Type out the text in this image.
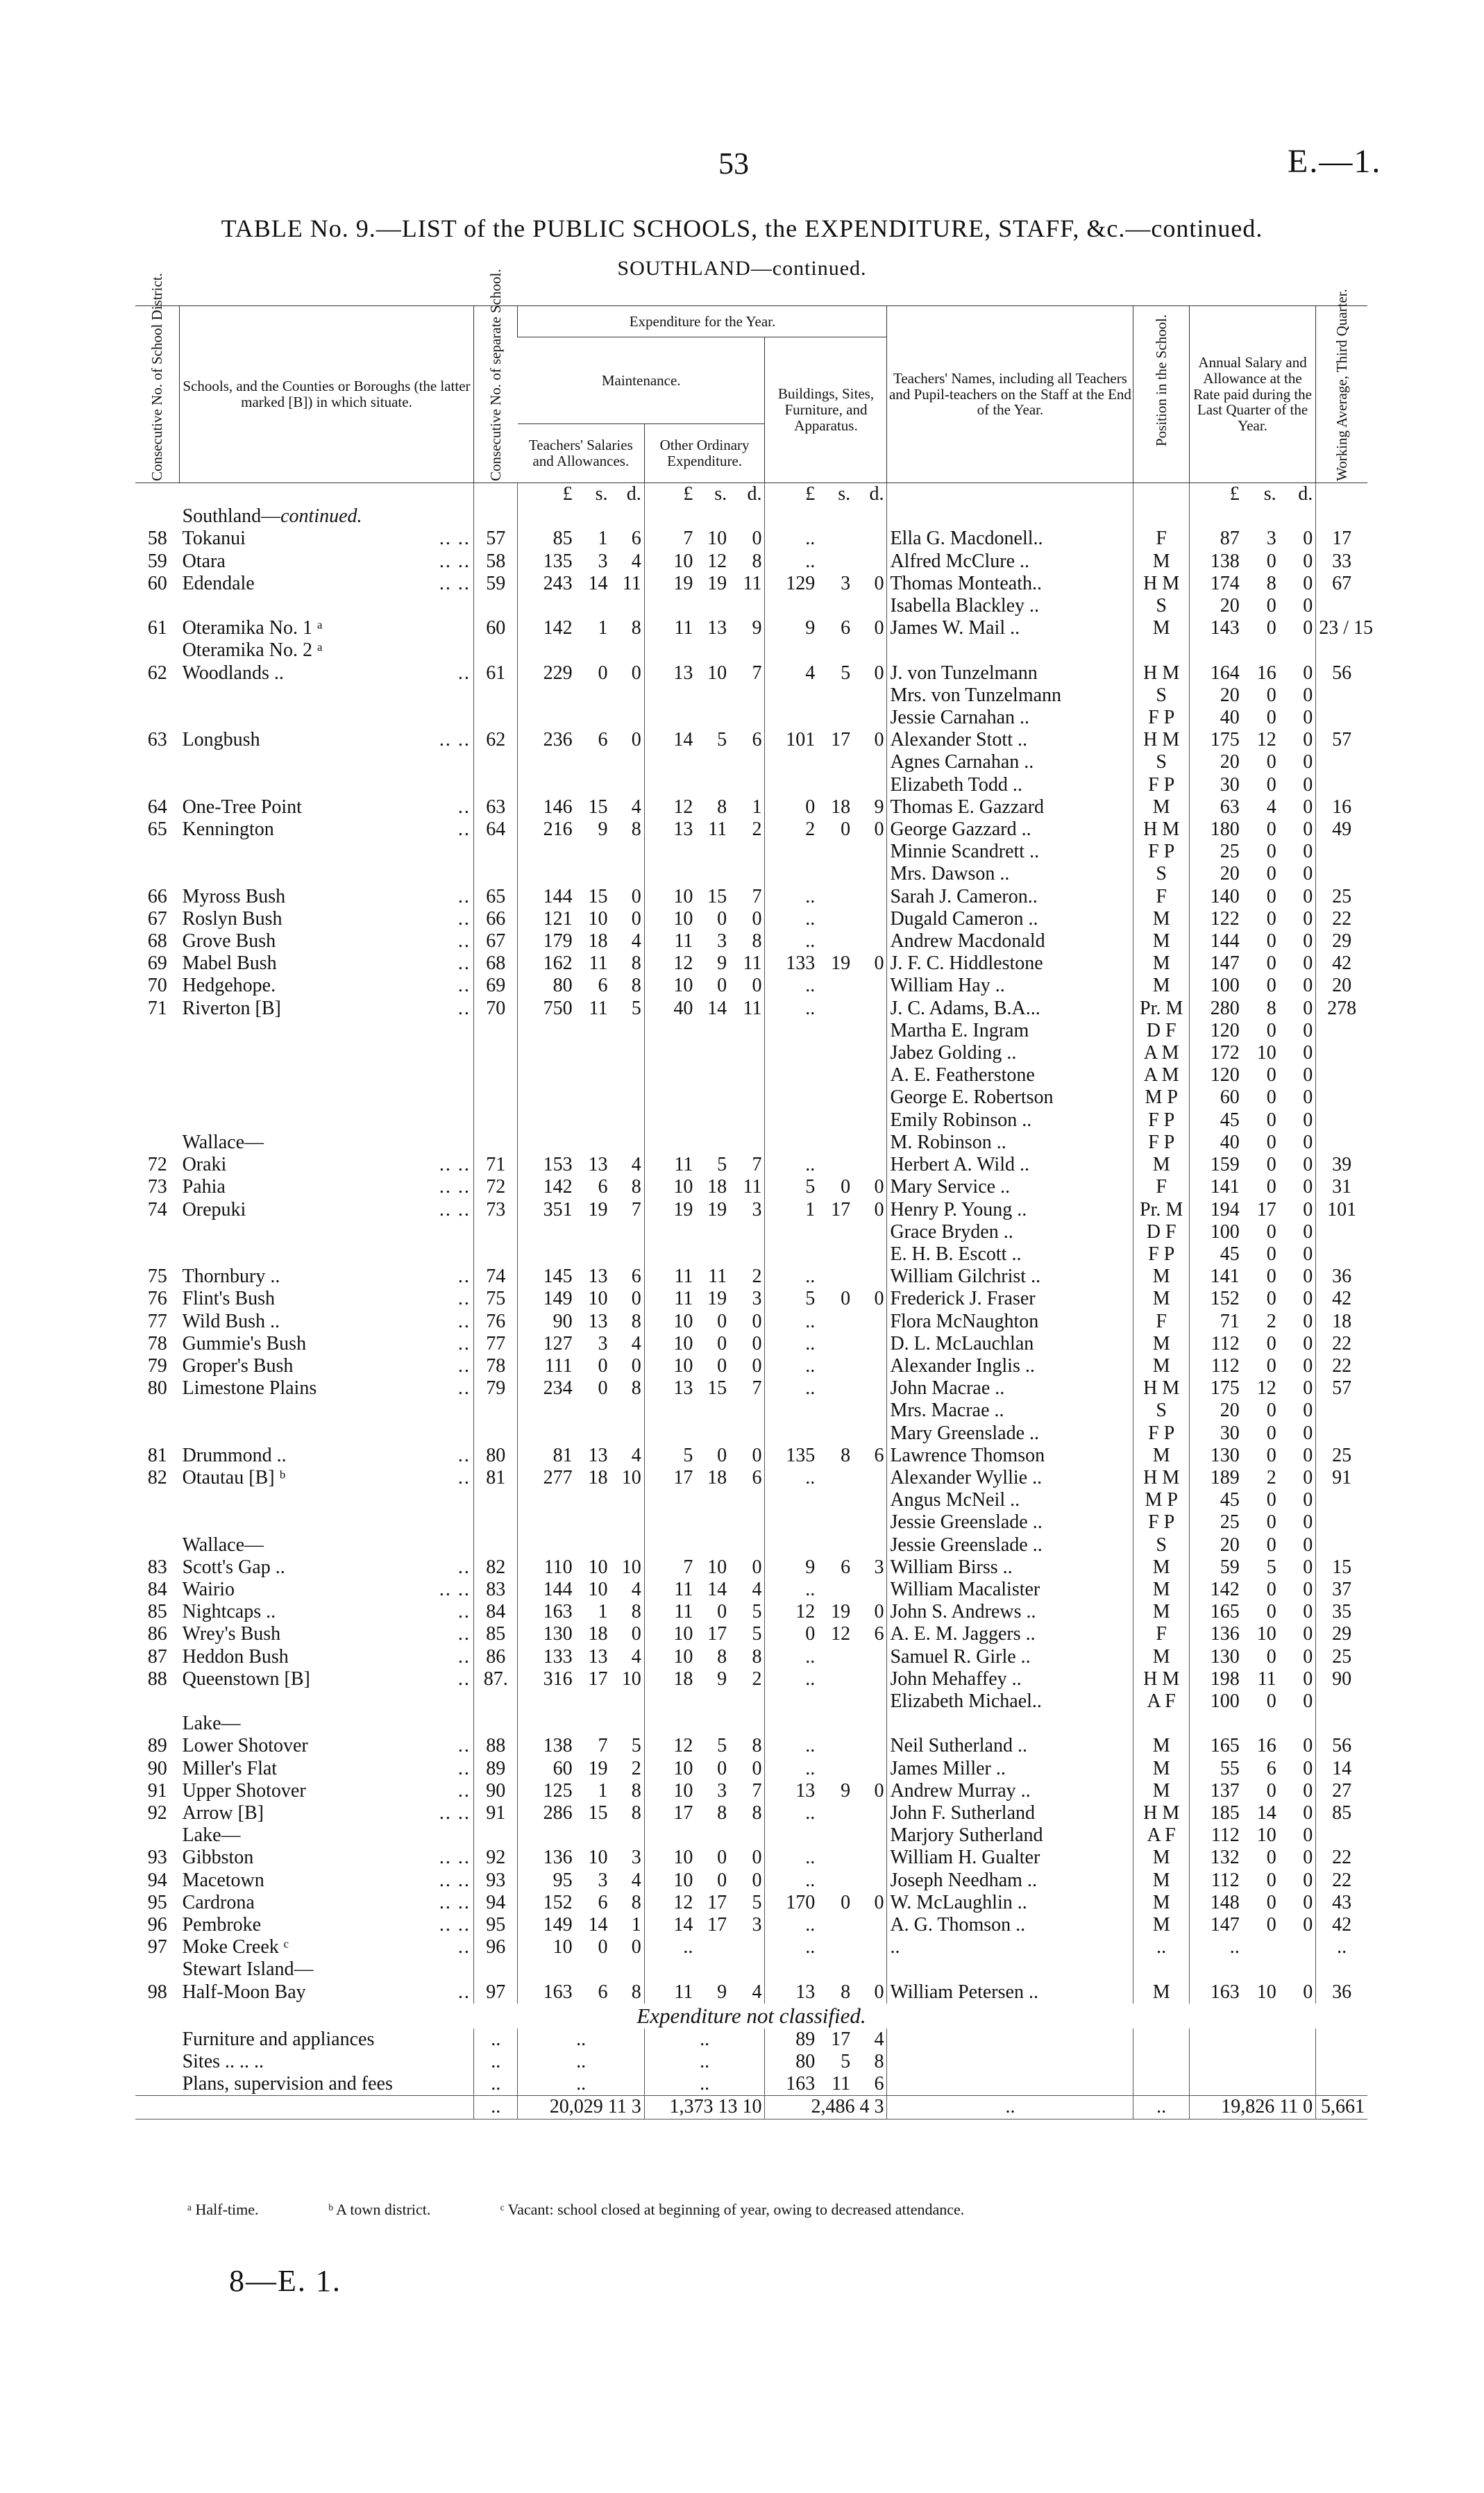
53	E.—1.
TABLE No. 9.—LIST of the PUBLIC SCHOOLS, the EXPENDITURE, STAFF, &c.—continued.
SOUTHLAND—continued.
Consecutive No. of School District.	Schools, and the Counties or Boroughs (the latter marked [B]) in which situate.	Consecutive No. of separate School.	Expenditure for the Year.									Teachers' Names, including all Teachers and Pupil-teachers on the Staff at the End of the Year.	Position in the School.	Annual Salary and Allowance at the Rate paid during the Last Quarter of the Year.			Working Average, Third Quarter.

			Maintenance.						Buildings, Sites, Furniture, and Apparatus.								
			Teachers' Salaries and Allowances.			Other Ordinary Expenditure.											
			£	s.	d.	£	s.	d.	£	s.	d.			£	s.	d.	
	Southland—continued.																
58	Tokanui .. ..	57	85	1	6	7	10	0	..			Ella G. Macdonell..	F	87	3	0	17
59	Otara .. ..	58	135	3	4	10	12	8	..			Alfred McClure ..	M	138	0	0	33
60	Edendale .. ..	59	243	14	11	19	19	11	129	3	0	Thomas Monteath..	H M	174	8	0	67
												Isabella Blackley ..	S	20	0	0	
61	Oteramika No. 1 ᵃ	60	142	1	8	11	13	9	9	6	0	James W. Mail ..	M	143	0	0	23 / 15
	Oteramika No. 2 ᵃ																
62	Woodlands .. ..	61	229	0	0	13	10	7	4	5	0	J. von Tunzelmann	H M	164	16	0	56
												Mrs. von Tunzelmann	S	20	0	0	
												Jessie Carnahan ..	F P	40	0	0	
63	Longbush .. ..	62	236	6	0	14	5	6	101	17	0	Alexander Stott ..	H M	175	12	0	57
												Agnes Carnahan ..	S	20	0	0	
												Elizabeth Todd ..	F P	30	0	0	
64	One-Tree Point ..	63	146	15	4	12	8	1	0	18	9	Thomas E. Gazzard	M	63	4	0	16
65	Kennington ..	64	216	9	8	13	11	2	2	0	0	George Gazzard ..	H M	180	0	0	49
												Minnie Scandrett ..	F P	25	0	0	
												Mrs. Dawson ..	S	20	0	0	
66	Myross Bush ..	65	144	15	0	10	15	7	..			Sarah J. Cameron..	F	140	0	0	25
67	Roslyn Bush ..	66	121	10	0	10	0	0	..			Dugald Cameron ..	M	122	0	0	22
68	Grove Bush ..	67	179	18	4	11	3	8	..			Andrew Macdonald	M	144	0	0	29
69	Mabel Bush ..	68	162	11	8	12	9	11	133	19	0	J. F. C. Hiddlestone	M	147	0	0	42
70	Hedgehope. ..	69	80	6	8	10	0	0	..			William Hay ..	M	100	0	0	20
71	Riverton [B] ..	70	750	11	5	40	14	11	..			J. C. Adams, B.A...	Pr. M	280	8	0	278
												Martha E. Ingram	D F	120	0	0	
												Jabez Golding ..	A M	172	10	0	
												A. E. Featherstone	A M	120	0	0	
												George E. Robertson	M P	60	0	0	
												Emily Robinson ..	F P	45	0	0	
	Wallace—											M. Robinson ..	F P	40	0	0	
72	Oraki .. ..	71	153	13	4	11	5	7	..			Herbert A. Wild ..	M	159	0	0	39
73	Pahia .. ..	72	142	6	8	10	18	11	5	0	0	Mary Service ..	F	141	0	0	31
74	Orepuki .. ..	73	351	19	7	19	19	3	1	17	0	Henry P. Young ..	Pr. M	194	17	0	101
												Grace Bryden ..	D F	100	0	0	
												E. H. B. Escott ..	F P	45	0	0	
75	Thornbury .. ..	74	145	13	6	11	11	2	..			William Gilchrist ..	M	141	0	0	36
76	Flint's Bush ..	75	149	10	0	11	19	3	5	0	0	Frederick J. Fraser	M	152	0	0	42
77	Wild Bush .. ..	76	90	13	8	10	0	0	..			Flora McNaughton	F	71	2	0	18
78	Gummie's Bush ..	77	127	3	4	10	0	0	..			D. L. McLauchlan	M	112	0	0	22
79	Groper's Bush ..	78	111	0	0	10	0	0	..			Alexander Inglis ..	M	112	0	0	22
80	Limestone Plains ..	79	234	0	8	13	15	7	..			John Macrae ..	H M	175	12	0	57
												Mrs. Macrae ..	S	20	0	0	
												Mary Greenslade ..	F P	30	0	0	
81	Drummond .. ..	80	81	13	4	5	0	0	135	8	6	Lawrence Thomson	M	130	0	0	25
82	Otautau [B] ᵇ ..	81	277	18	10	17	18	6	..			Alexander Wyllie ..	H M	189	2	0	91
												Angus McNeil ..	M P	45	0	0	
												Jessie Greenslade ..	F P	25	0	0	
	Wallace—											Jessie Greenslade ..	S	20	0	0	
83	Scott's Gap .. ..	82	110	10	10	7	10	0	9	6	3	William Birss ..	M	59	5	0	15
84	Wairio .. ..	83	144	10	4	11	14	4	..			William Macalister	M	142	0	0	37
85	Nightcaps .. ..	84	163	1	8	11	0	5	12	19	0	John S. Andrews ..	M	165	0	0	35
86	Wrey's Bush ..	85	130	18	0	10	17	5	0	12	6	A. E. M. Jaggers ..	F	136	10	0	29
87	Heddon Bush ..	86	133	13	4	10	8	8	..			Samuel R. Girle ..	M	130	0	0	25
88	Queenstown [B] ..	87.	316	17	10	18	9	2	..			John Mehaffey ..	H M	198	11	0	90
												Elizabeth Michael..	A F	100	0	0	
	Lake—																
89	Lower Shotover ..	88	138	7	5	12	5	8	..			Neil Sutherland ..	M	165	16	0	56
90	Miller's Flat ..	89	60	19	2	10	0	0	..			James Miller ..	M	55	6	0	14
91	Upper Shotover ..	90	125	1	8	10	3	7	13	9	0	Andrew Murray ..	M	137	0	0	27
92	Arrow [B] .. ..	91	286	15	8	17	8	8	..			John F. Sutherland	H M	185	14	0	85
	Lake—											Marjory Sutherland	A F	112	10	0	
93	Gibbston .. ..	92	136	10	3	10	0	0	..			William H. Gualter	M	132	0	0	22
94	Macetown .. ..	93	95	3	4	10	0	0	..			Joseph Needham ..	M	112	0	0	22
95	Cardrona .. ..	94	152	6	8	12	17	5	170	0	0	W. McLaughlin ..	M	148	0	0	43
96	Pembroke .. ..	95	149	14	1	14	17	3	..			A. G. Thomson ..	M	147	0	0	42
97	Moke Creek ᶜ ..	96	10	0	0	..			..			..	..	..			..
	Stewart Island—																
98	Half-Moon Bay ..	97	163	6	8	11	9	4	13	8	0	William Petersen ..	M	163	10	0	36
Expenditure not classified.																	
	Furniture and appliances	..	..			..			89	17	4						
	Sites .. .. ..	..	..			..			80	5	8						
	Plans, supervision and fees	..	..			..			163	11	6						
		..	20,029 11 3			1,373 13 10			2,486 4 3			..	..	19,826 11 0			5,661
ᵃ Half-time.	ᵇ A town district.	ᶜ Vacant: school closed at beginning of year, owing to decreased attendance.
8—E. 1.
